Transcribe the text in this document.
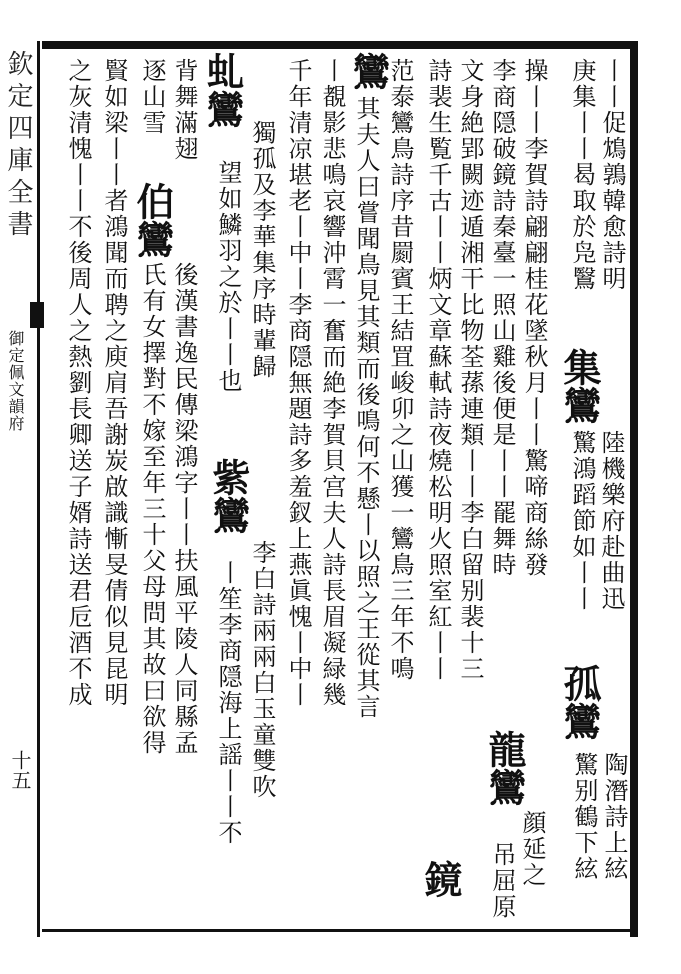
欽定四庫全書
御定佩文韻府
十五
丨丨促鴆鶉韓愈詩明
庚集丨丨曷取於凫鷖
集鸞
陸機樂府赴曲迅
驚鴻蹈節如丨丨
孤鸞
陶潛詩上絃
驚别鶴下絃
操丨丨李賀詩翩翩桂花墜秋月丨丨驚啼商絲發
李商隠破鏡詩秦臺一照山雞後便是丨丨罷舞時
龍鸞
顔延之
吊屈原
文身絶郢闕迹遁湘干比物荃蓀連類丨丨李白留别裴十三
詩裴生覧千古丨丨炳文章蘇軾詩夜燒松明火照室紅丨丨
鏡
鸞
范泰鸞鳥詩序昔罽賓王結罝峻卯之山獲一鸞鳥三年不鳴
其夫人曰嘗聞鳥見其類而後鳴何不懸丨以照之王從其言
丨覩影悲鳴哀響沖霄一奮而絶李賀貝宫夫人詩長眉凝緑幾
千年清凉堪老丨中丨李商隠無題詩多羞釵上燕眞愧丨中丨
虬鸞
獨孤及李華集序時輩歸
望如鱗羽之於丨丨也
紫鸞
李白詩兩兩白玉童雙吹
背舞滿翅
伯鸞
後漢書逸民傳梁鴻字丨丨扶風平陵人同縣孟 丨笙李商隠海上謡丨丨不
逐山雪
氏有女擇對不嫁至年三十父母問其故曰欲得
賢如梁丨丨者鴻聞而聘之庾肩吾謝炭啟識慚旻倩似見昆明
之灰清愧丨丨不後周人之熱劉長卿送子婿詩送君卮酒不成
